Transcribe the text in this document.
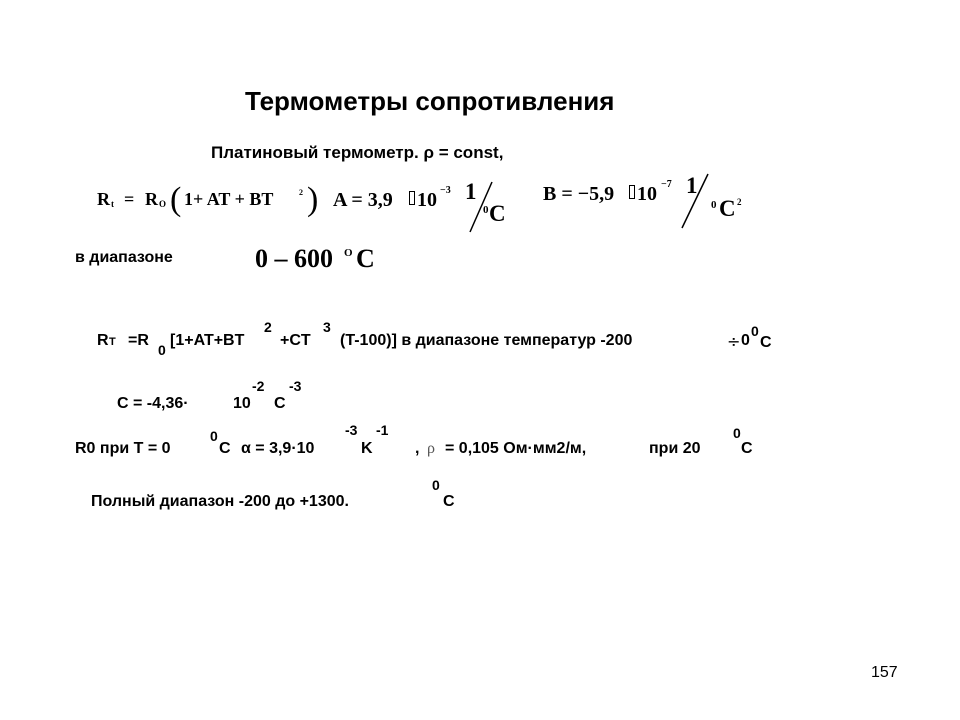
Термометры сопротивления
Платиновый термометр. ρ = const,
R t = R O ( 1+ AT + BT	2 ) A = 3,9 10 −3 1
0 C
B = −5,9 10 −7 1
0 C 2
в диапазоне	0 – 600 O C
R Т =R
0
[1+AT+BT
2
+CT
3
(T-100)] в диапазоне температур -200	÷ 0
0
C
C = -4,36·	10
-2
C
-3
R0 при T = 0
0
C α = 3,9·10
-3
K
-1
, ρ = 0,105 Ом·мм2/м,	при 20
0
C
Полный диапазон -200 до +1300.
0
C
157
